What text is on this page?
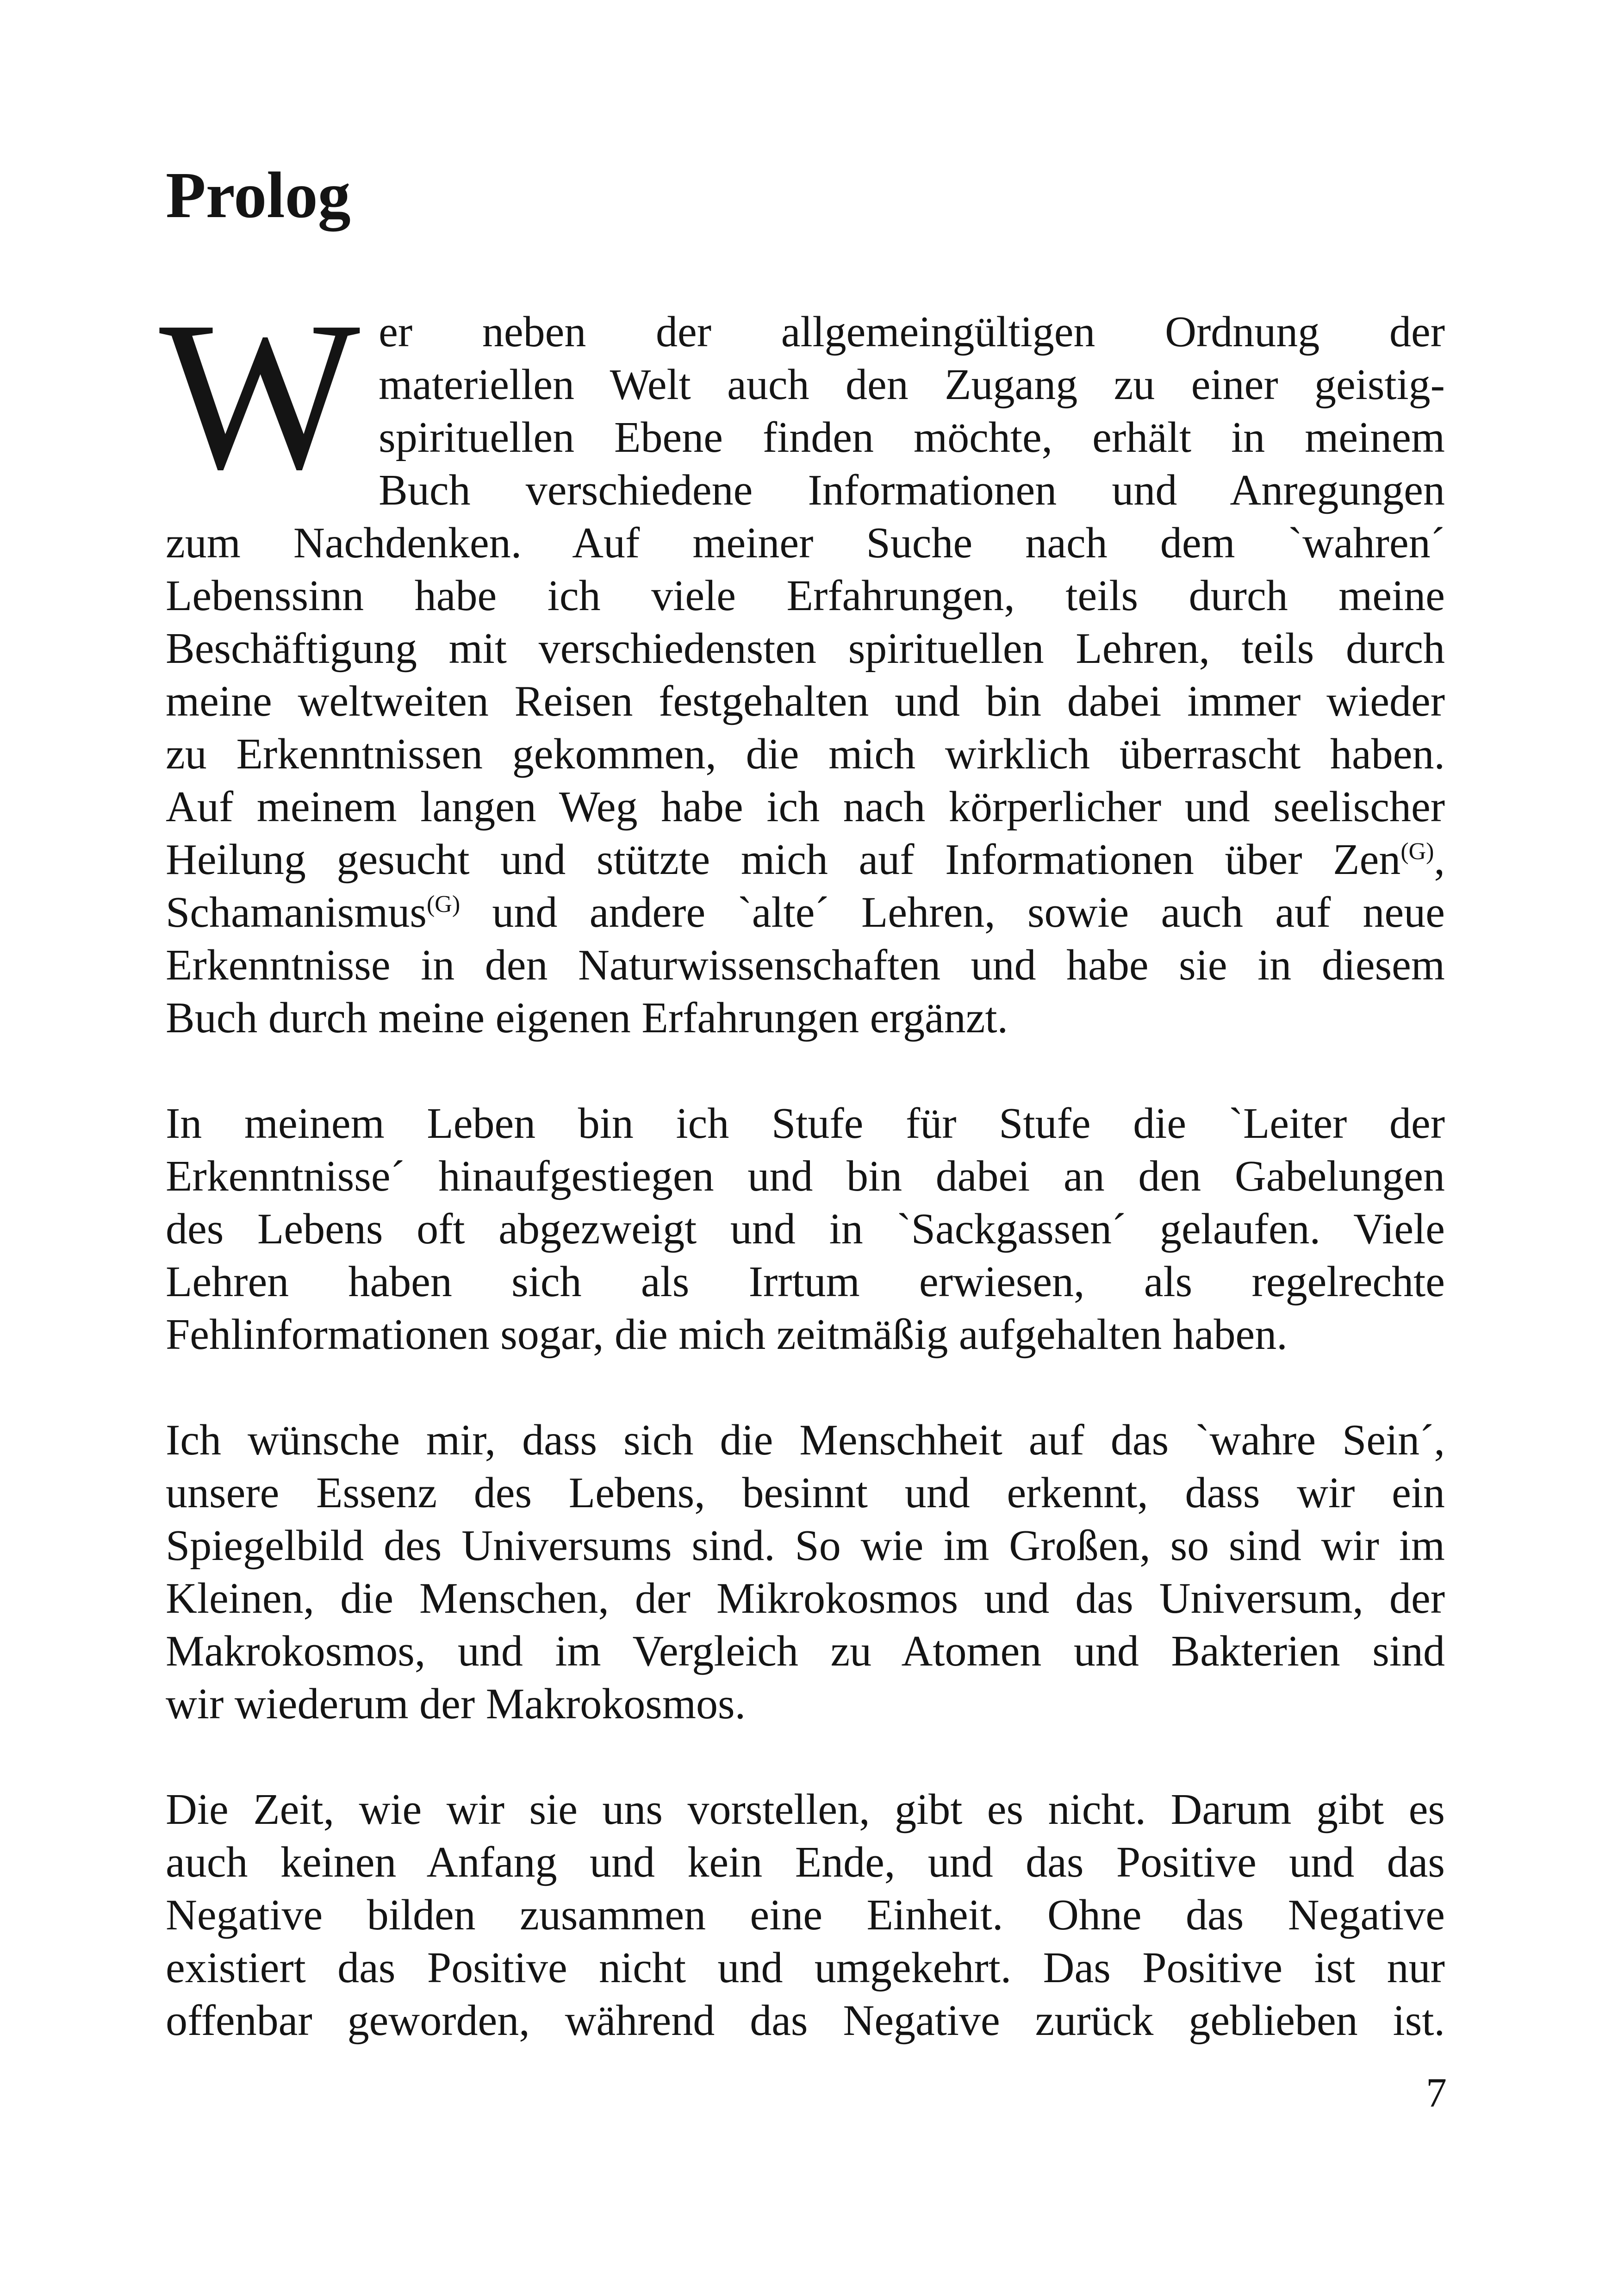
Prolog

W er neben der allgemeingültigen Ordnung der
materiellen Welt auch den Zugang zu einer geistig-
spirituellen Ebene finden möchte, erhält in meinem
Buch verschiedene Informationen und Anregungen
zum Nachdenken. Auf meiner Suche nach dem `wahren´
Lebenssinn habe ich viele Erfahrungen, teils durch meine
Beschäftigung mit verschiedensten spirituellen Lehren, teils durch
meine weltweiten Reisen festgehalten und bin dabei immer wieder
zu Erkenntnissen gekommen, die mich wirklich überrascht haben.
Auf meinem langen Weg habe ich nach körperlicher und seelischer
Heilung gesucht und stützte mich auf Informationen über Zen$^{(G)}$,
Schamanismus$^{(G)}$ und andere `alte´ Lehren, sowie auch auf neue
Erkenntnisse in den Naturwissenschaften und habe sie in diesem
Buch durch meine eigenen Erfahrungen ergänzt.

In meinem Leben bin ich Stufe für Stufe die `Leiter der
Erkenntnisse´ hinaufgestiegen und bin dabei an den Gabelungen
des Lebens oft abgezweigt und in `Sackgassen´ gelaufen. Viele
Lehren haben sich als Irrtum erwiesen, als regelrechte
Fehlinformationen sogar, die mich zeitmäßig aufgehalten haben.

Ich wünsche mir, dass sich die Menschheit auf das `wahre Sein´,
unsere Essenz des Lebens, besinnt und erkennt, dass wir ein
Spiegelbild des Universums sind. So wie im Großen, so sind wir im
Kleinen, die Menschen, der Mikrokosmos und das Universum, der
Makrokosmos, und im Vergleich zu Atomen und Bakterien sind
wir wiederum der Makrokosmos.

Die Zeit, wie wir sie uns vorstellen, gibt es nicht. Darum gibt es
auch keinen Anfang und kein Ende, und das Positive und das
Negative bilden zusammen eine Einheit. Ohne das Negative
existiert das Positive nicht und umgekehrt. Das Positive ist nur
offenbar geworden, während das Negative zurück geblieben ist.

7
